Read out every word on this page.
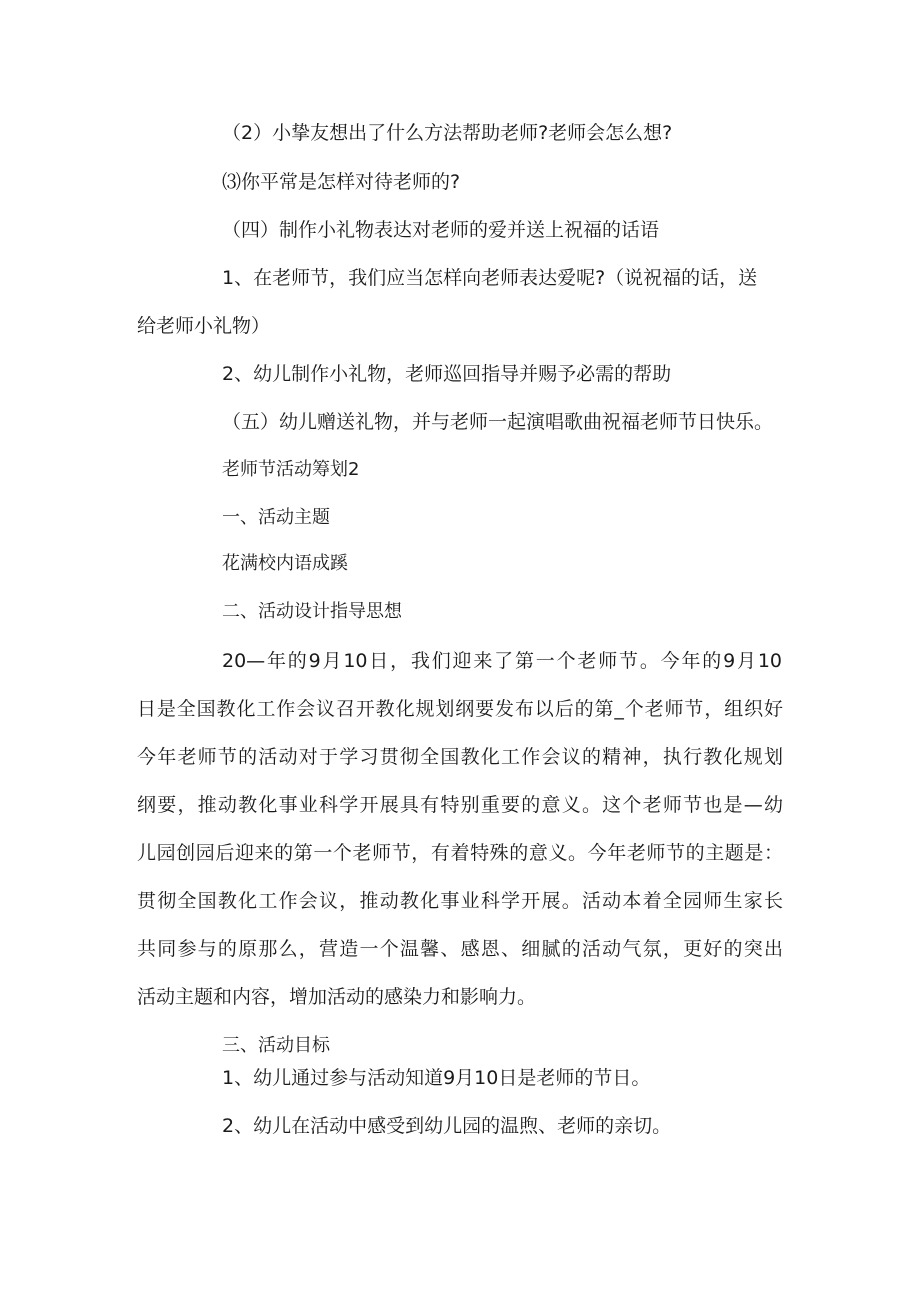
（2）小挚友想出了什么方法帮助老师?老师会怎么想?
⑶你平常是怎样对待老师的?
（四）制作小礼物表达对老师的爱并送上祝福的话语
1、在老师节，我们应当怎样向老师表达爱呢?（说祝福的话，送
给老师小礼物）
2、幼儿制作小礼物，老师巡回指导并赐予必需的帮助
（五）幼儿赠送礼物，并与老师一起演唱歌曲祝福老师节日快乐。
老师节活动筹划2
一、活动主题
花满校内语成蹊
二、活动设计指导思想
20—年的9月10日，我们迎来了第一个老师节。今年的9月10
日是全国教化工作会议召开教化规划纲要发布以后的第_个老师节，组织好
今年老师节的活动对于学习贯彻全国教化工作会议的精神，执行教化规划
纲要，推动教化事业科学开展具有特别重要的意义。这个老师节也是—幼
儿园创园后迎来的第一个老师节，有着特殊的意义。今年老师节的主题是：
贯彻全国教化工作会议，推动教化事业科学开展。活动本着全园师生家长
共同参与的原那么，营造一个温馨、感恩、细腻的活动气氛，更好的突出
活动主题和内容，增加活动的感染力和影响力。
三、活动目标
1、幼儿通过参与活动知道9月10日是老师的节日。
2、幼儿在活动中感受到幼儿园的温煦、老师的亲切。
